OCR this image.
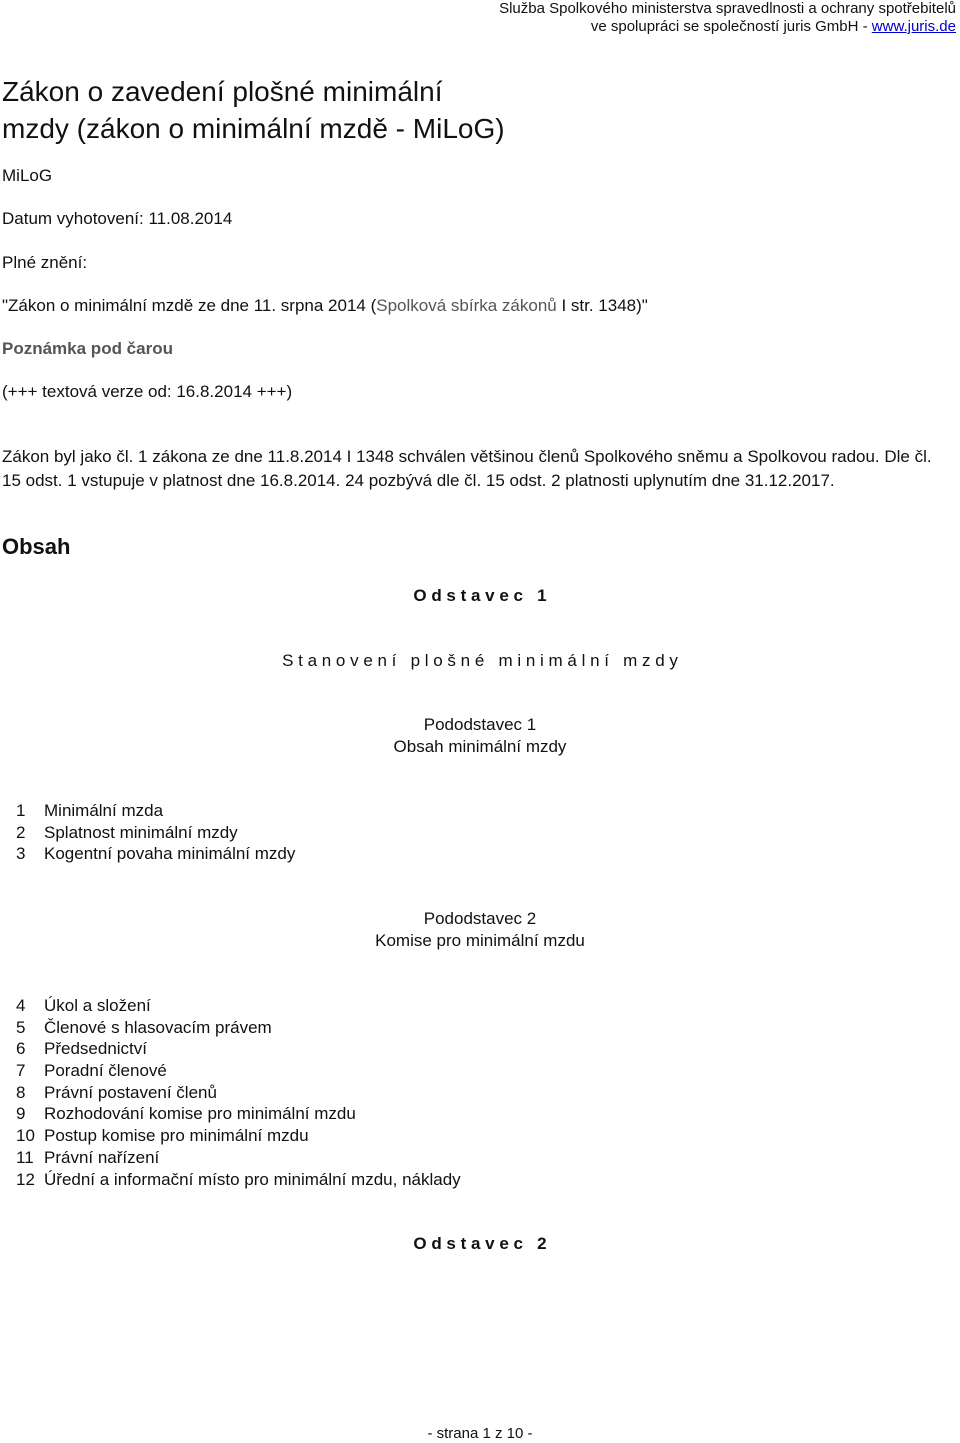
Služba Spolkového ministerstva spravedlnosti a ochrany spotřebitelů
ve spolupráci se společností juris GmbH - www.juris.de
Zákon o zavedení plošné minimální
mzdy (zákon o minimální mzdě - MiLoG)
MiLoG
Datum vyhotovení: 11.08.2014
Plné znění:
"Zákon o minimální mzdě ze dne 11. srpna 2014 (Spolková sbírka zákonů I str. 1348)"
Poznámka pod čarou
(+++ textová verze od: 16.8.2014 +++)
Zákon byl jako čl. 1 zákona ze dne 11.8.2014 I 1348 schválen většinou členů Spolkového sněmu a Spolkovou radou. Dle čl. 15 odst. 1 vstupuje v platnost dne 16.8.2014. 24 pozbývá dle čl. 15 odst. 2 platnosti uplynutím dne 31.12.2017.
Obsah
O d s t a v e c   1
S t a n o v e n í   p l o š n é   m i n i m á l n í   m z d y
Pododstavec 1
Obsah minimální mzdy
1	Minimální mzda
2	Splatnost minimální mzdy
3	Kogentní povaha minimální mzdy
Pododstavec 2
Komise pro minimální mzdu
4	Úkol a složení
5	Členové s hlasovacím právem
6	Předsednictví
7	Poradní členové
8	Právní postavení členů
9	Rozhodování komise pro minimální mzdu
10 Postup komise pro minimální mzdu
11 Právní nařízení
12 Úřední a informační místo pro minimální mzdu, náklady
O d s t a v e c   2
- strana 1 z 10 -
